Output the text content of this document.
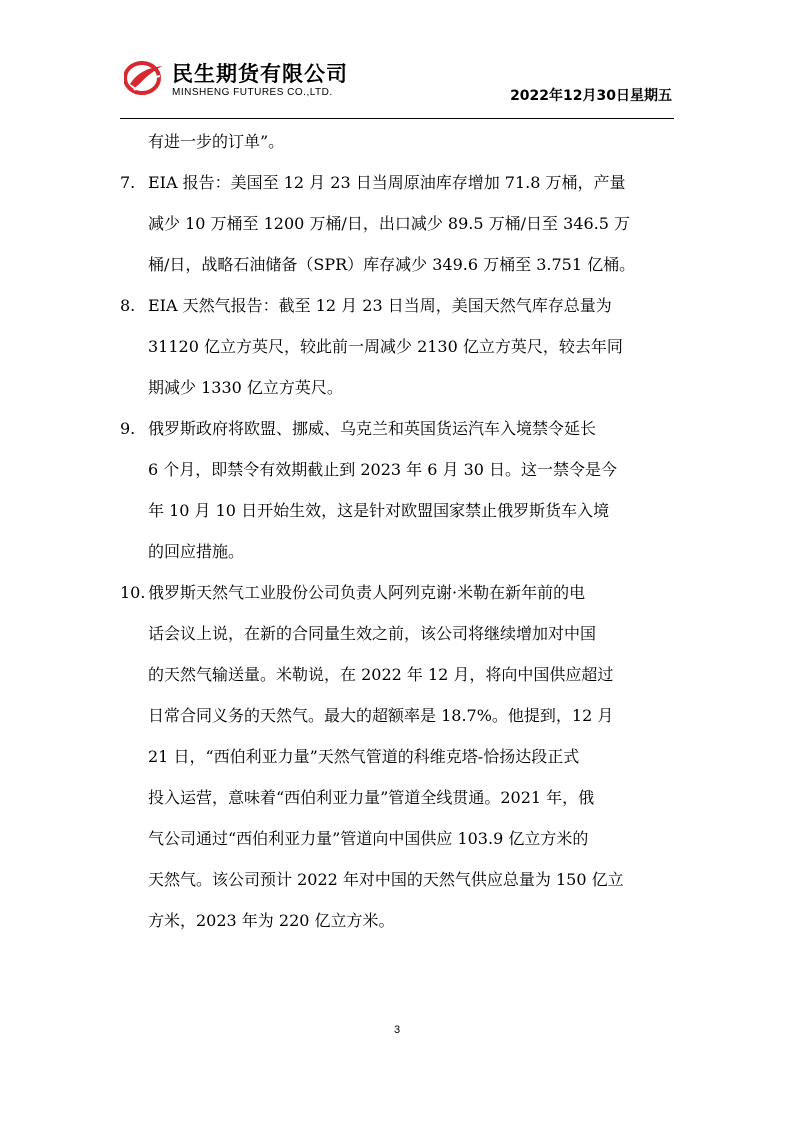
民生期货有限公司
MINSHENG FUTURES CO.,LTD.	2022年12月30日星期五
有进一步的订单”。
7. EIA 报告：美国至 12 月 23 日当周原油库存增加 71.8 万桶，产量
减少 10 万桶至 1200 万桶/日，出口减少 89.5 万桶/日至 346.5 万
桶/日，战略石油储备（SPR）库存减少 349.6 万桶至 3.751 亿桶。
8. EIA 天然气报告：截至 12 月 23 日当周，美国天然气库存总量为
31120 亿立方英尺，较此前一周减少 2130 亿立方英尺，较去年同
期减少 1330 亿立方英尺。
9. 俄罗斯政府将欧盟、挪威、乌克兰和英国货运汽车入境禁令延长
6 个月，即禁令有效期截止到 2023 年 6 月 30 日。这一禁令是今
年 10 月 10 日开始生效，这是针对欧盟国家禁止俄罗斯货车入境
的回应措施。
10. 俄罗斯天然气工业股份公司负责人阿列克谢·米勒在新年前的电
话会议上说，在新的合同量生效之前，该公司将继续增加对中国
的天然气输送量。米勒说，在 2022 年 12 月，将向中国供应超过
日常合同义务的天然气。最大的超额率是 18.7%。他提到，12 月
21 日，“西伯利亚力量”天然气管道的科维克塔-恰扬达段正式
投入运营，意味着“西伯利亚力量”管道全线贯通。2021 年，俄
气公司通过“西伯利亚力量”管道向中国供应 103.9 亿立方米的
天然气。该公司预计 2022 年对中国的天然气供应总量为 150 亿立
方米，2023 年为 220 亿立方米。
3
